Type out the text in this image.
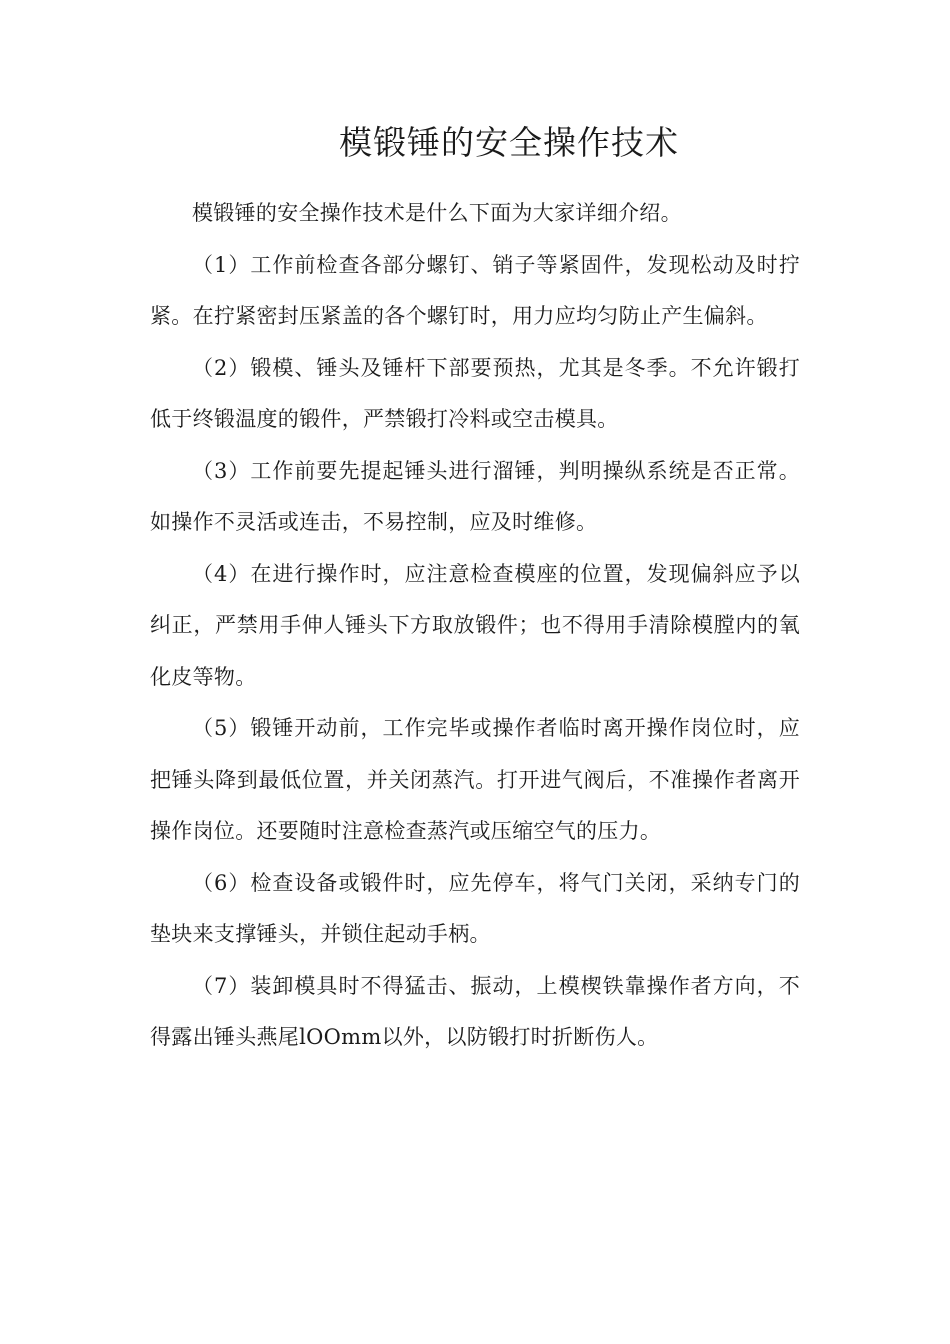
模锻锤的安全操作技术

模锻锤的安全操作技术是什么下面为大家详细介绍。

（1）工作前检查各部分螺钉、销子等紧固件，发现松动及时拧紧。在拧紧密封压紧盖的各个螺钉时，用力应均匀防止产生偏斜。

（2）锻模、锤头及锤杆下部要预热，尤其是冬季。不允许锻打低于终锻温度的锻件，严禁锻打冷料或空击模具。

（3）工作前要先提起锤头进行溜锤，判明操纵系统是否正常。如操作不灵活或连击，不易控制，应及时维修。

（4）在进行操作时，应注意检查模座的位置，发现偏斜应予以纠正，严禁用手伸人锤头下方取放锻件；也不得用手清除模膛内的氧化皮等物。

（5）锻锤开动前，工作完毕或操作者临时离开操作岗位时，应把锤头降到最低位置，并关闭蒸汽。打开进气阀后，不准操作者离开操作岗位。还要随时注意检查蒸汽或压缩空气的压力。

（6）检查设备或锻件时，应先停车，将气门关闭，采纳专门的垫块来支撑锤头，并锁住起动手柄。

（7）装卸模具时不得猛击、振动，上模楔铁靠操作者方向，不得露出锤头燕尾lOOmm以外，以防锻打时折断伤人。
